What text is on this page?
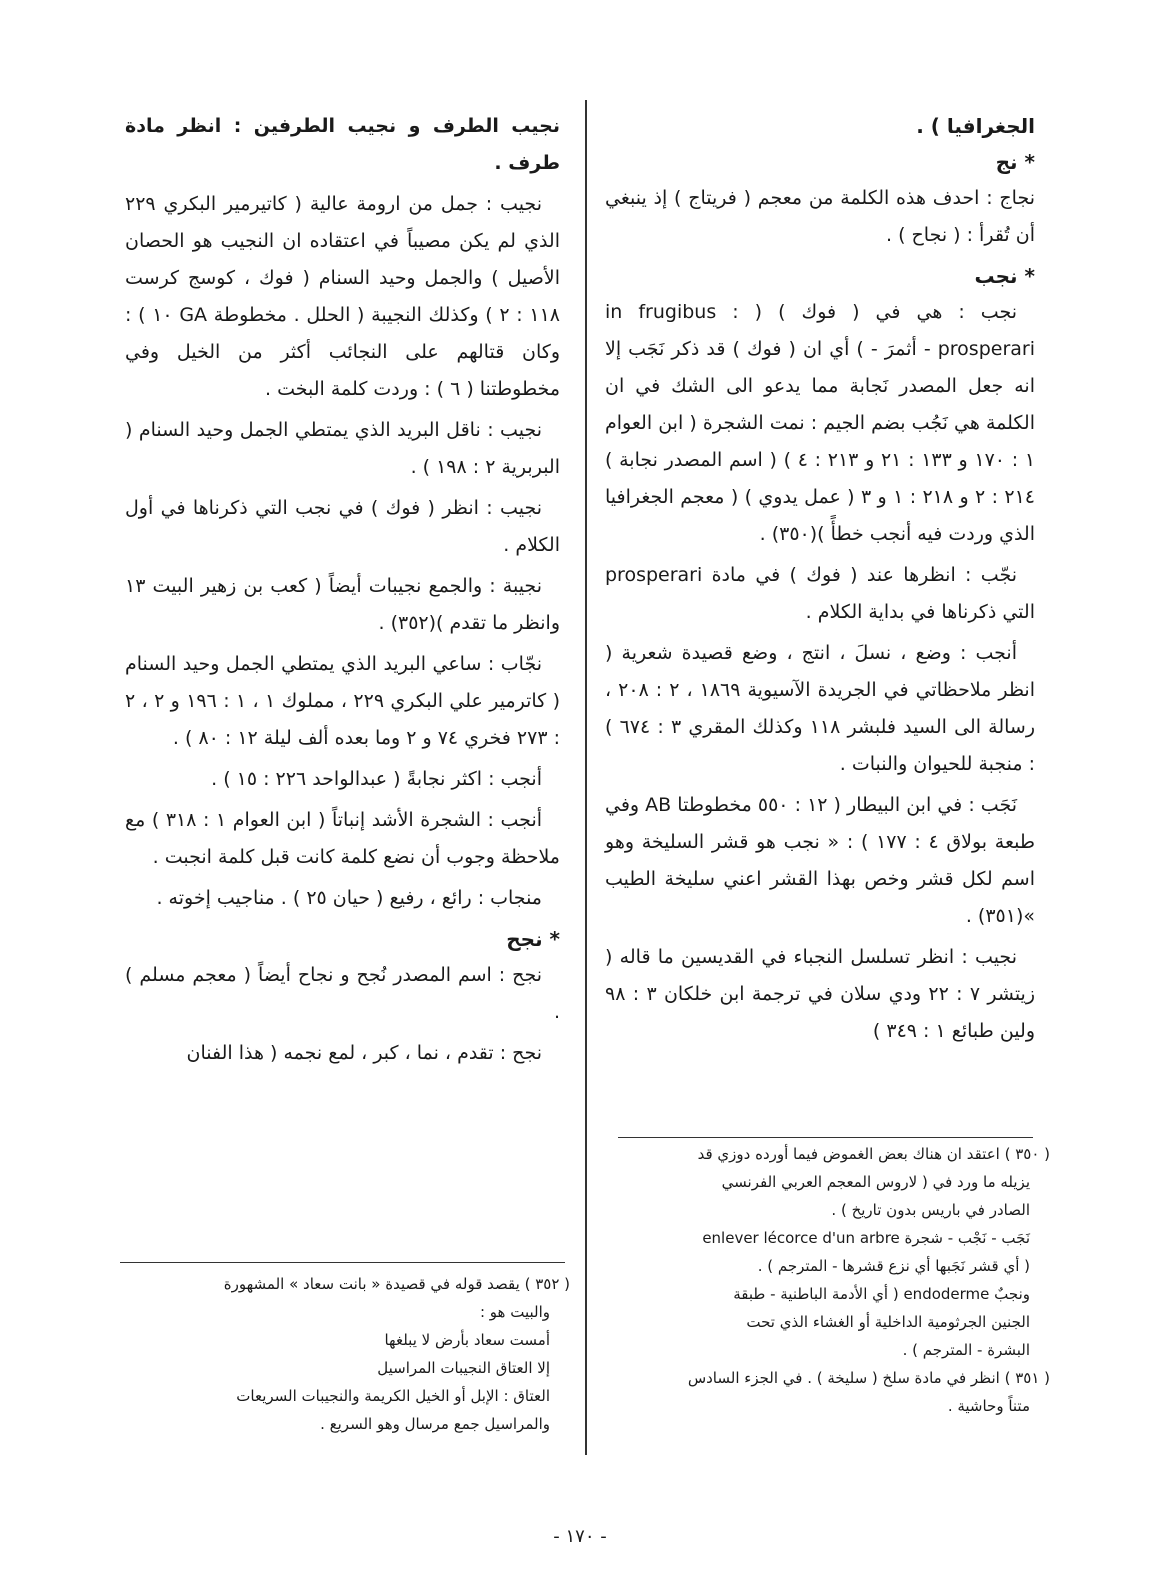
الجغرافيا ) .

* نج

نجاج : احدف هذه الكلمة من معجم ( فريتاج ) إذ ينبغي أن تُقرأ : ( نجاح ) .

* نجب

نجب : هي في ( فوك ) ( in frugibus : prosperari - أثمرَ - ) أي ان ( فوك ) قد ذكر نَجَب إلا انه جعل المصدر نَجابة مما يدعو الى الشك في ان الكلمة هي نَجُب بضم الجيم : نمت الشجرة ( ابن العوام ١ : ١٧٠ و ١٣٣ : ٢١ و ٢١٣ : ٤ ) ( اسم المصدر نجابة ) ٢١٤ : ٢ و ٢١٨ : ١ و ٣ ( عمل يدوي ) ( معجم الجغرافيا الذي وردت فيه أنجب خطأً )(٣٥٠) .

نجّب : انظرها عند ( فوك ) في مادة prosperari التي ذكرناها في بداية الكلام .

أنجب : وضع ، نسلَ ، انتج ، وضع قصيدة شعرية ( انظر ملاحظاتي في الجريدة الآسيوية ١٨٦٩ ، ٢ : ٢٠٨ ، رسالة الى السيد فلبشر ١١٨ وكذلك المقري ٣ : ٦٧٤ ) : منجبة للحيوان والنبات .

نَجَب : في ابن البيطار ( ١٢ : ٥٥٠ مخطوطتا AB وفي طبعة بولاق ٤ : ١٧٧ ) : « نجب هو قشر السليخة وهو اسم لكل قشر وخص بهذا القشر اعني سليخة الطيب »(٣٥١) .

نجيب : انظر تسلسل النجباء في القديسين ما قاله ( زيتشر ٧ : ٢٢ ودي سلان في ترجمة ابن خلكان ٣ : ٩٨ ولين طبائع ١ : ٣٤٩ )

نجيب الطرف و نجيب الطرفين : انظر مادة طرف .

نجيب : جمل من ارومة عالية ( كاتيرمير البكري ٢٢٩ الذي لم يكن مصيباً في اعتقاده ان النجيب هو الحصان الأصيل ) والجمل وحيد السنام ( فوك ، كوسج كرست ١١٨ : ٢ ) وكذلك النجيبة ( الحلل . مخطوطة GA ١٠ ) : وكان قتالهم على النجائب أكثر من الخيل وفي مخطوطتنا ( ٦ ) : وردت كلمة البخت .

نجيب : ناقل البريد الذي يمتطي الجمل وحيد السنام ( البربرية ٢ : ١٩٨ ) .

نجيب : انظر ( فوك ) في نجب التي ذكرناها في أول الكلام .

نجيبة : والجمع نجيبات أيضاً ( كعب بن زهير البيت ١٣ وانظر ما تقدم )(٣٥٢) .

نجّاب : ساعي البريد الذي يمتطي الجمل وحيد السنام ( كاترمير علي البكري ٢٢٩ ، مملوك ١ ، ١ : ١٩٦ و ٢ ، ٢ : ٢٧٣ فخري ٧٤ و ٢ وما بعده ألف ليلة ١٢ : ٨٠ ) .

أنجب : اكثر نجابةً ( عبدالواحد ٢٢٦ : ١٥ ) .

أنجب : الشجرة الأشد إنباتاً ( ابن العوام ١ : ٣١٨ ) مع ملاحظة وجوب أن نضع كلمة كانت قبل كلمة انجبت .

منجاب : رائع ، رفيع ( حيان ٢٥ ) . مناجيب إخوته .

* نجح

نجح : اسم المصدر نُجح و نجاح أيضاً ( معجم مسلم ) .

نجح : تقدم ، نما ، كبر ، لمع نجمه ( هذا الفنان

( ٣٥٠ ) اعتقد ان هناك بعض الغموض فيما أورده دوزي قد
يزيله ما ورد في ( لاروس المعجم العربي الفرنسي
الصادر في باريس بدون تاريخ ) .
نَجَب - نَجْب - شجرة enlever lécorce d'un arbre
( أي قشر نَجَبها أي نزع قشرها - المترجم ) .
ونجبٌ endoderme ( أي الأدمة الباطنية - طبقة
الجنين الجرثومية الداخلية أو الغشاء الذي تحت
البشرة - المترجم ) .
( ٣٥١ ) انظر في مادة سلخ ( سليخة ) . في الجزء السادس
متناً وحاشية .
( ٣٥٢ ) يقصد قوله في قصيدة « بانت سعاد » المشهورة
والبيت هو :
أمست سعاد بأرض لا يبلغها
إلا العتاق النجيبات المراسيل
العتاق : الإبل أو الخيل الكريمة والنجيبات السريعات
والمراسيل جمع مرسال وهو السريع .
- ١٧٠ -
